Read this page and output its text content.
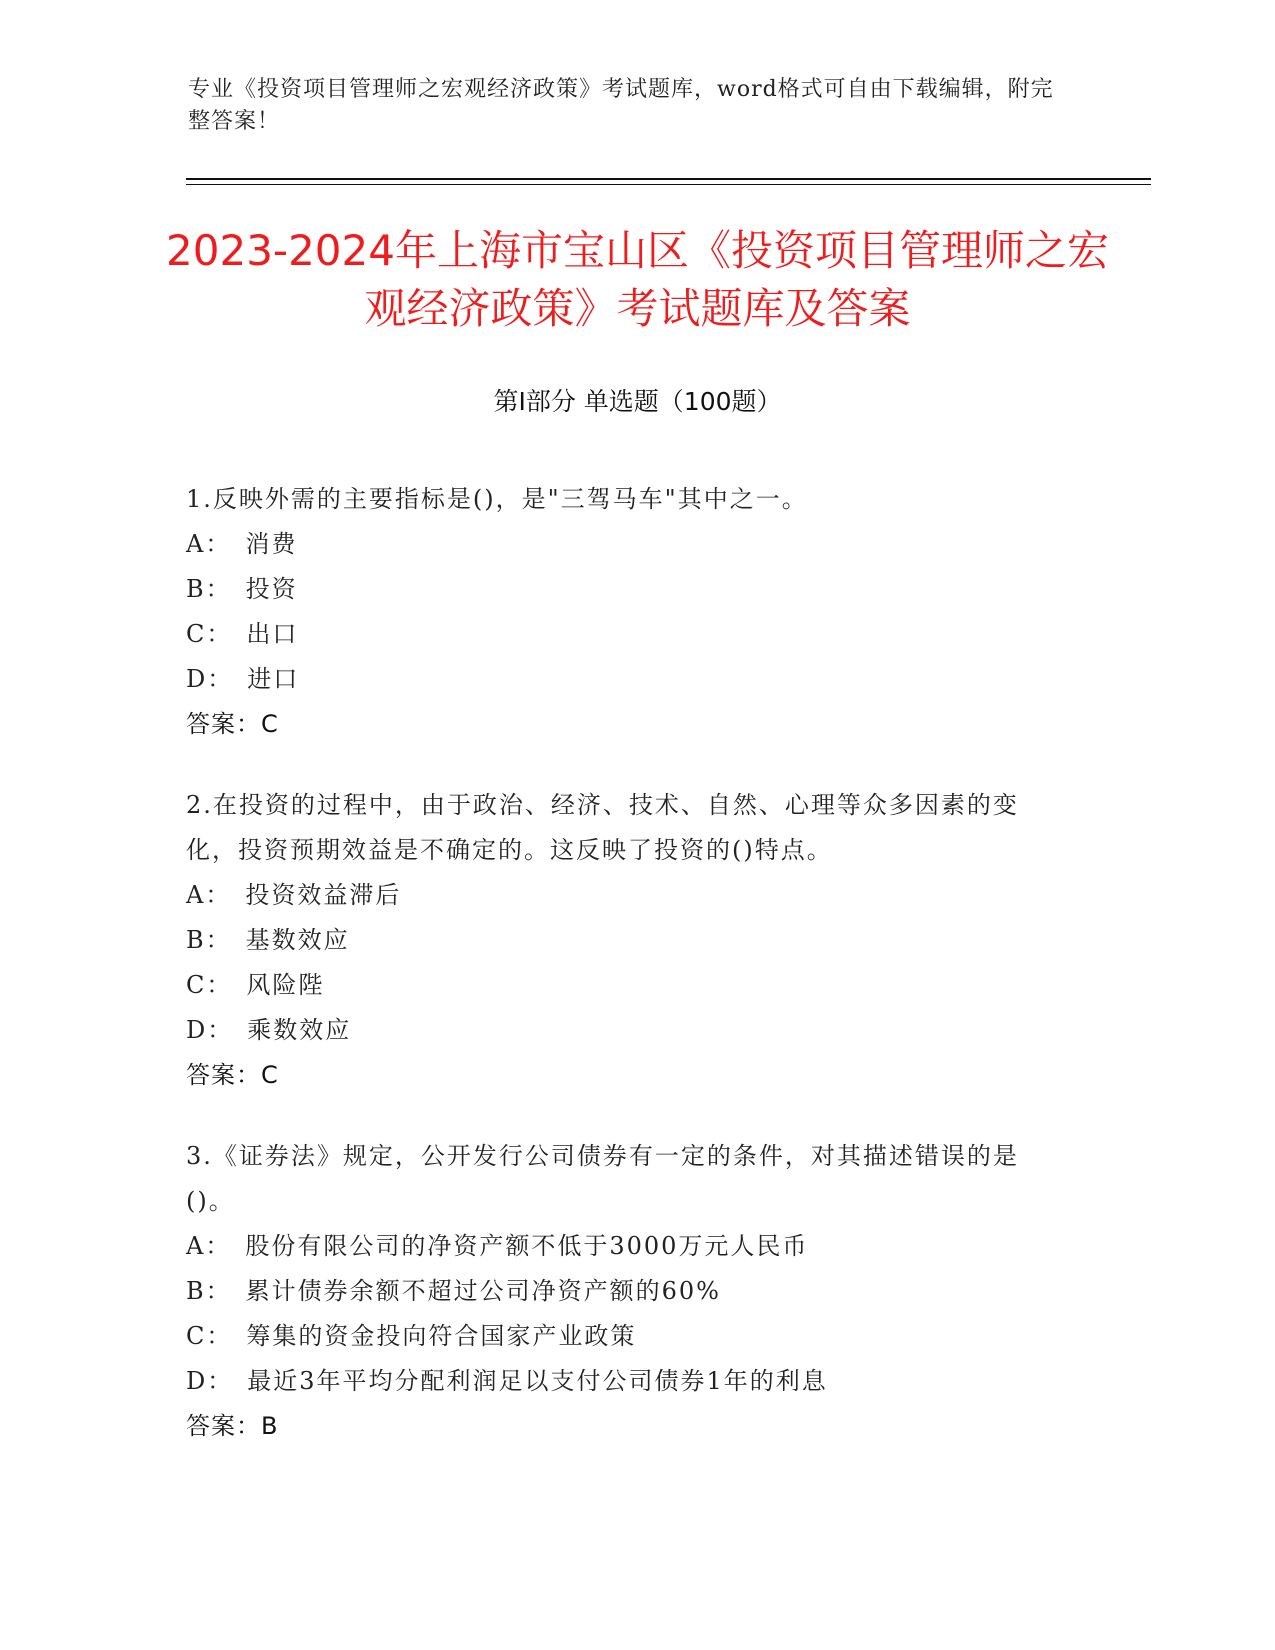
专业《投资项目管理师之宏观经济政策》考试题库，word格式可自由下载编辑，附完整答案！
2023-2024年上海市宝山区《投资项目管理师之宏观经济政策》考试题库及答案
第I部分 单选题（100题）
1.反映外需的主要指标是()，是"三驾马车"其中之一。
A： 消费
B： 投资
C： 出口
D： 进口
答案：C
2.在投资的过程中，由于政治、经济、技术、自然、心理等众多因素的变化，投资预期效益是不确定的。这反映了投资的()特点。
A： 投资效益滞后
B： 基数效应
C： 风险陛
D： 乘数效应
答案：C
3.《证券法》规定，公开发行公司债券有一定的条件，对其描述错误的是()。
A： 股份有限公司的净资产额不低于3000万元人民币
B： 累计债券余额不超过公司净资产额的60%
C： 筹集的资金投向符合国家产业政策
D： 最近3年平均分配利润足以支付公司债券1年的利息
答案：B
